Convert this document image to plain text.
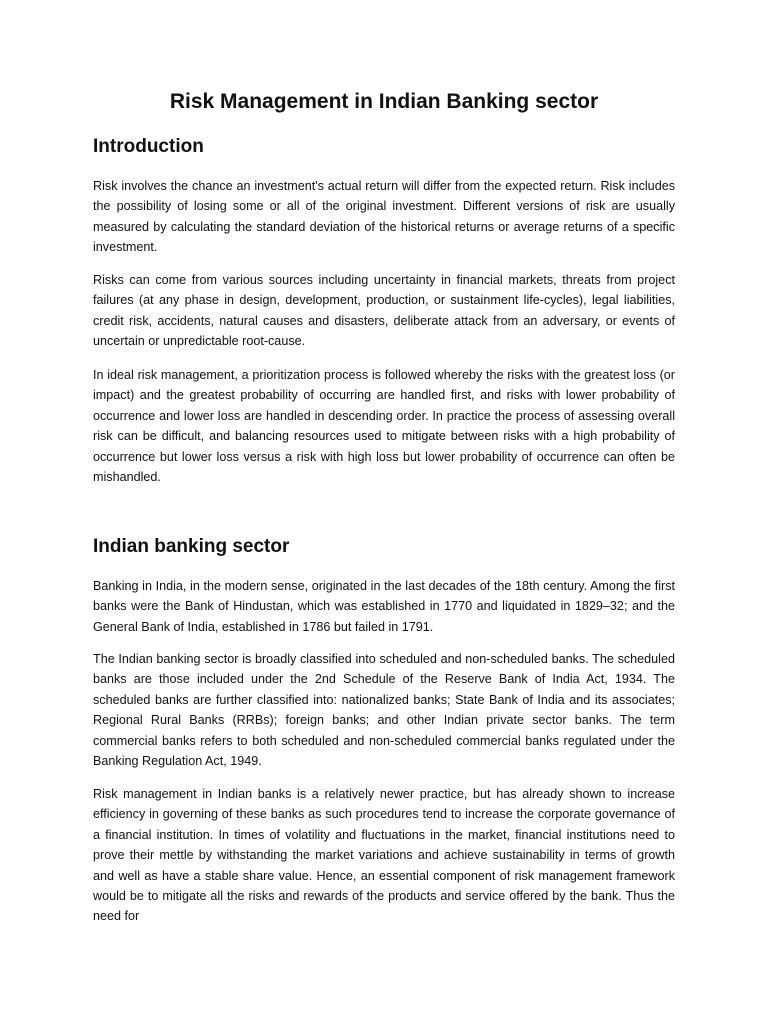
Risk Management in Indian Banking sector
Introduction

Risk involves the chance an investment's actual return will differ from the expected return. Risk includes the possibility of losing some or all of the original investment. Different versions of risk are usually measured by calculating the standard deviation of the historical returns or average returns of a specific investment.

Risks can come from various sources including uncertainty in financial markets, threats from project failures (at any phase in design, development, production, or sustainment life-cycles), legal liabilities, credit risk, accidents, natural causes and disasters, deliberate attack from an adversary, or events of uncertain or unpredictable root-cause.

In ideal risk management, a prioritization process is followed whereby the risks with the greatest loss (or impact) and the greatest probability of occurring are handled first, and risks with lower probability of occurrence and lower loss are handled in descending order. In practice the process of assessing overall risk can be difficult, and balancing resources used to mitigate between risks with a high probability of occurrence but lower loss versus a risk with high loss but lower probability of occurrence can often be mishandled.

Indian banking sector

Banking in India, in the modern sense, originated in the last decades of the 18th century. Among the first banks were the Bank of Hindustan, which was established in 1770 and liquidated in 1829–32; and the General Bank of India, established in 1786 but failed in 1791.

The Indian banking sector is broadly classified into scheduled and non-scheduled banks. The scheduled banks are those included under the 2nd Schedule of the Reserve Bank of India Act, 1934. The scheduled banks are further classified into: nationalized banks; State Bank of India and its associates; Regional Rural Banks (RRBs); foreign banks; and other Indian private sector banks. The term commercial banks refers to both scheduled and non-scheduled commercial banks regulated under the Banking Regulation Act, 1949.

Risk management in Indian banks is a relatively newer practice, but has already shown to increase efficiency in governing of these banks as such procedures tend to increase the corporate governance of a financial institution. In times of volatility and fluctuations in the market, financial institutions need to prove their mettle by withstanding the market variations and achieve sustainability in terms of growth and well as have a stable share value. Hence, an essential component of risk management framework would be to mitigate all the risks and rewards of the products and service offered by the bank. Thus the need for
